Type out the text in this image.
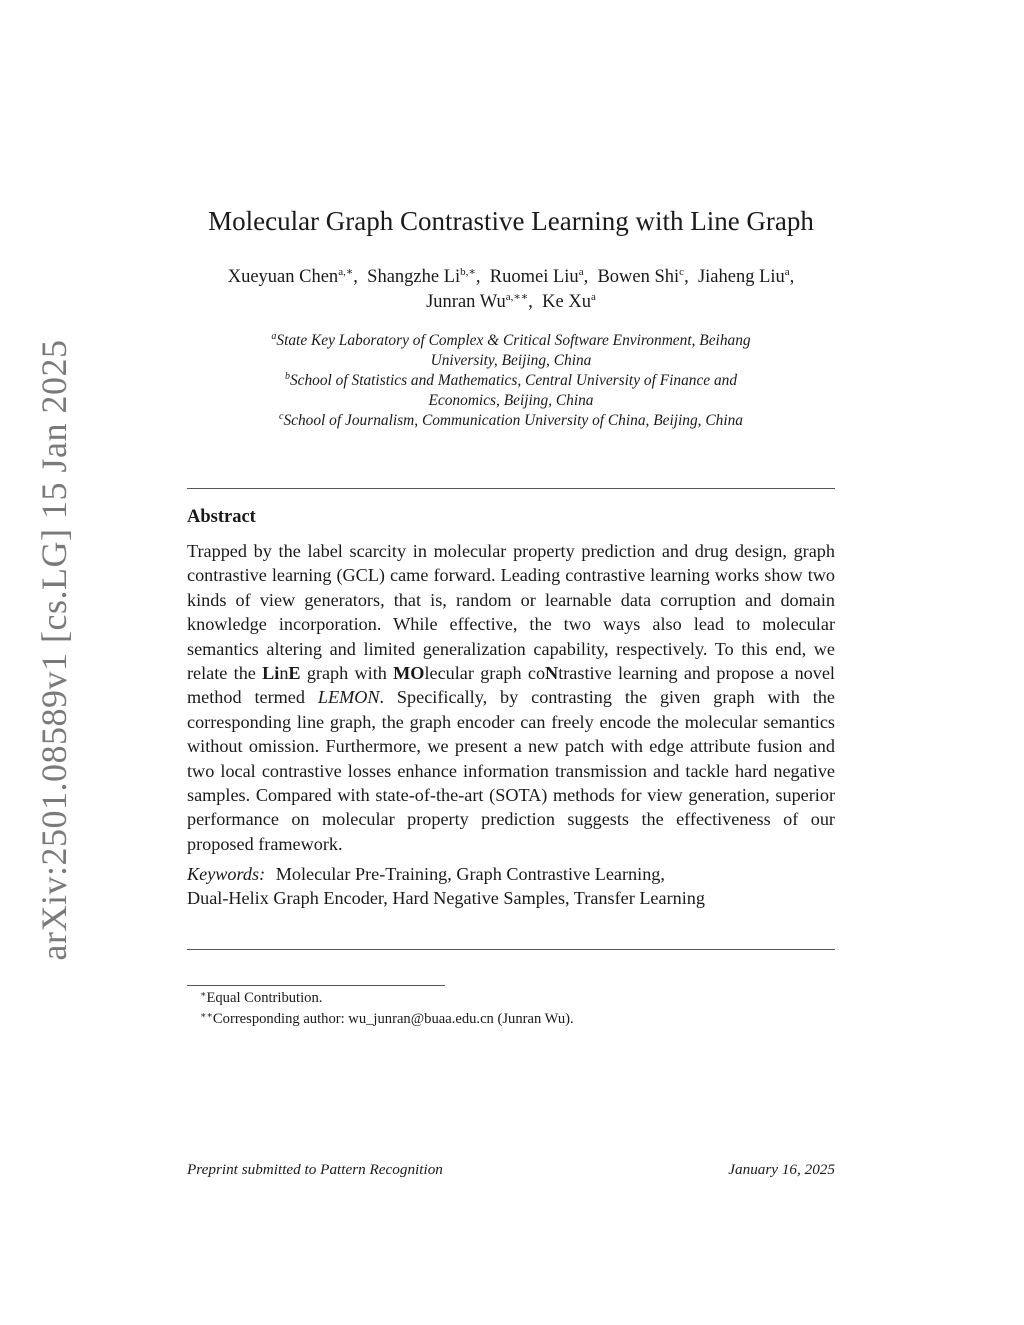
arXiv:2501.08589v1 [cs.LG] 15 Jan 2025
Molecular Graph Contrastive Learning with Line Graph
Xueyuan Chen$^{a,∗}$,  Shangzhe $Li^{b,∗}$,  Ruomei Liu$^a$,  Bowen Shi$^c$,  Jiaheng Liu$^a$,
Junran $Wu^{a,∗∗}$,  Ke Xu$^a$
$^a$State Key Laboratory of Complex & Critical Software Environment, Beihang
University, Beijing, China
$^b$School of Statistics and Mathematics, Central University of Finance and
Economics, Beijing, China
$^c$School of Journalism, Communication University of China, Beijing, China
Abstract

Trapped by the label scarcity in molecular property prediction and drug design, graph contrastive learning (GCL) came forward. Leading contrastive learning works show two kinds of view generators, that is, random or learnable data corruption and domain knowledge incorporation. While effective, the two ways also lead to molecular semantics altering and limited generalization capability, respectively. To this end, we relate the LinE graph with MOlecular graph coNtrastive learning and propose a novel method termed LEMON. Specifically, by contrasting the given graph with the corresponding line graph, the graph encoder can freely encode the molecular semantics without omission. Furthermore, we present a new patch with edge attribute fusion and two local contrastive losses enhance information transmission and tackle hard negative samples. Compared with state-of-the-art (SOTA) methods for view generation, superior performance on molecular property prediction suggests the effectiveness of our proposed framework.

Keywords: Molecular Pre-Training, Graph Contrastive Learning,
Dual-Helix Graph Encoder, Hard Negative Samples, Transfer Learning
∗Equal Contribution.
∗∗Corresponding author: wu_junran@buaa.edu.cn (Junran Wu).
Preprint submitted to Pattern Recognition	January 16, 2025
